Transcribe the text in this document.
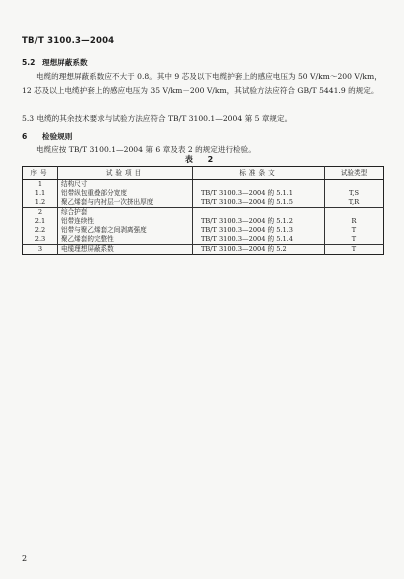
TB/T 3100.3—2004
5.2 理想屏蔽系数
电缆的理想屏蔽系数应不大于 0.8。其中 9 芯及以下电缆护套上的感应电压为 50 V/km～200 V/km，12 芯及以上电缆护套上的感应电压为 35 V/km－200 V/km，其试验方法应符合 GB/T 5441.9 的规定。
5.3 电缆的其余技术要求与试验方法应符合 TB/T 3100.1—2004 第 5 章规定。
6 检验规则
电缆应按 TB/T 3100.1—2004 第 6 章及表 2 的规定进行检验。
表 2
序号	试验项目	标准条文	试验类型
1	结构尺寸		
1.1	铝带纵包重叠部分宽度	TB/T 3100.3—2004 的 5.1.1	T,S
1.2	聚乙烯套与内衬层一次挤出厚度	TB/T 3100.3—2004 的 5.1.5	T,R
2	综合护套		
2.1	铝带连续性	TB/T 3100.3—2004 的 5.1.2	R
2.2	铝带与聚乙烯套之间剥离强度	TB/T 3100.3—2004 的 5.1.3	T
2.3	聚乙烯套的完整性	TB/T 3100.3—2004 的 5.1.4	T
3	电缆理想屏蔽系数	TB/T 3100.3—2004 的 5.2	T
2
